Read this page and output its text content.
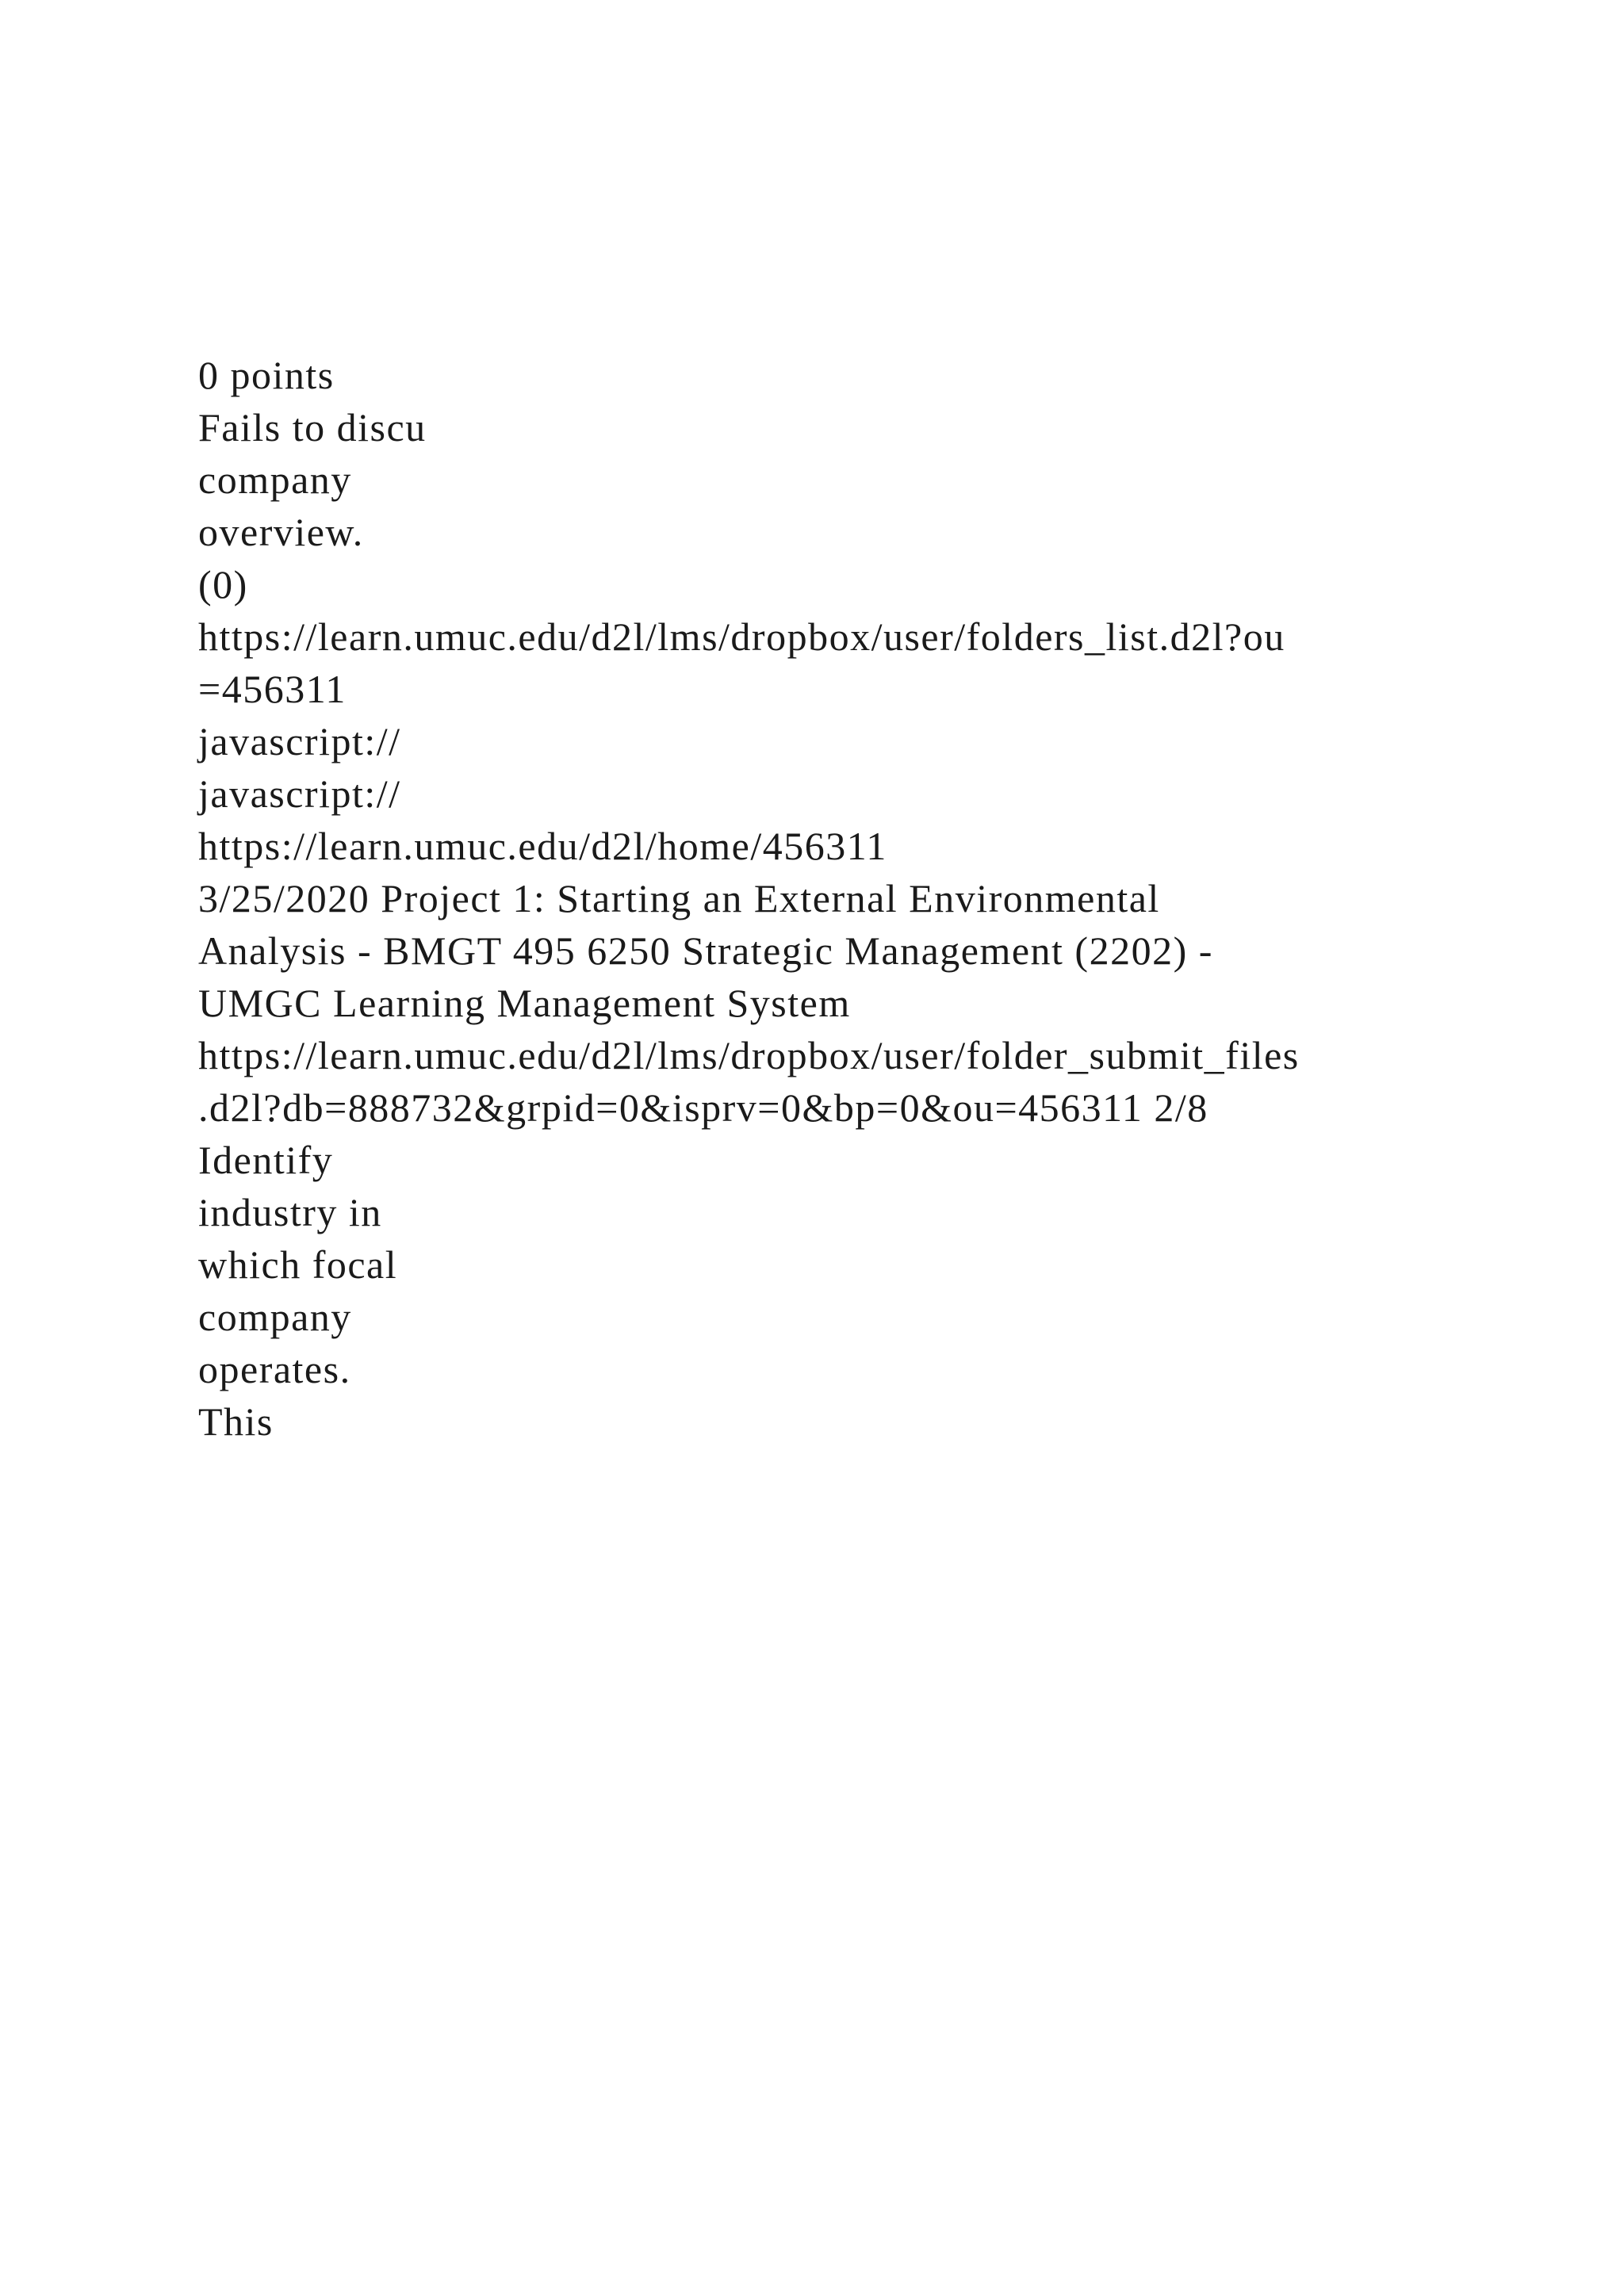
0 points
Fails to discu
company
overview.
(0)
https://learn.umuc.edu/d2l/lms/dropbox/user/folders_list.d2l?ou
=456311
javascript://
javascript://
https://learn.umuc.edu/d2l/home/456311
3/25/2020 Project 1: Starting an External Environmental
Analysis - BMGT 495 6250 Strategic Management (2202) -
UMGC Learning Management System
https://learn.umuc.edu/d2l/lms/dropbox/user/folder_submit_files
.d2l?db=888732&grpid=0&isprv=0&bp=0&ou=456311 2/8
Identify
industry in
which focal
company
operates.
This
